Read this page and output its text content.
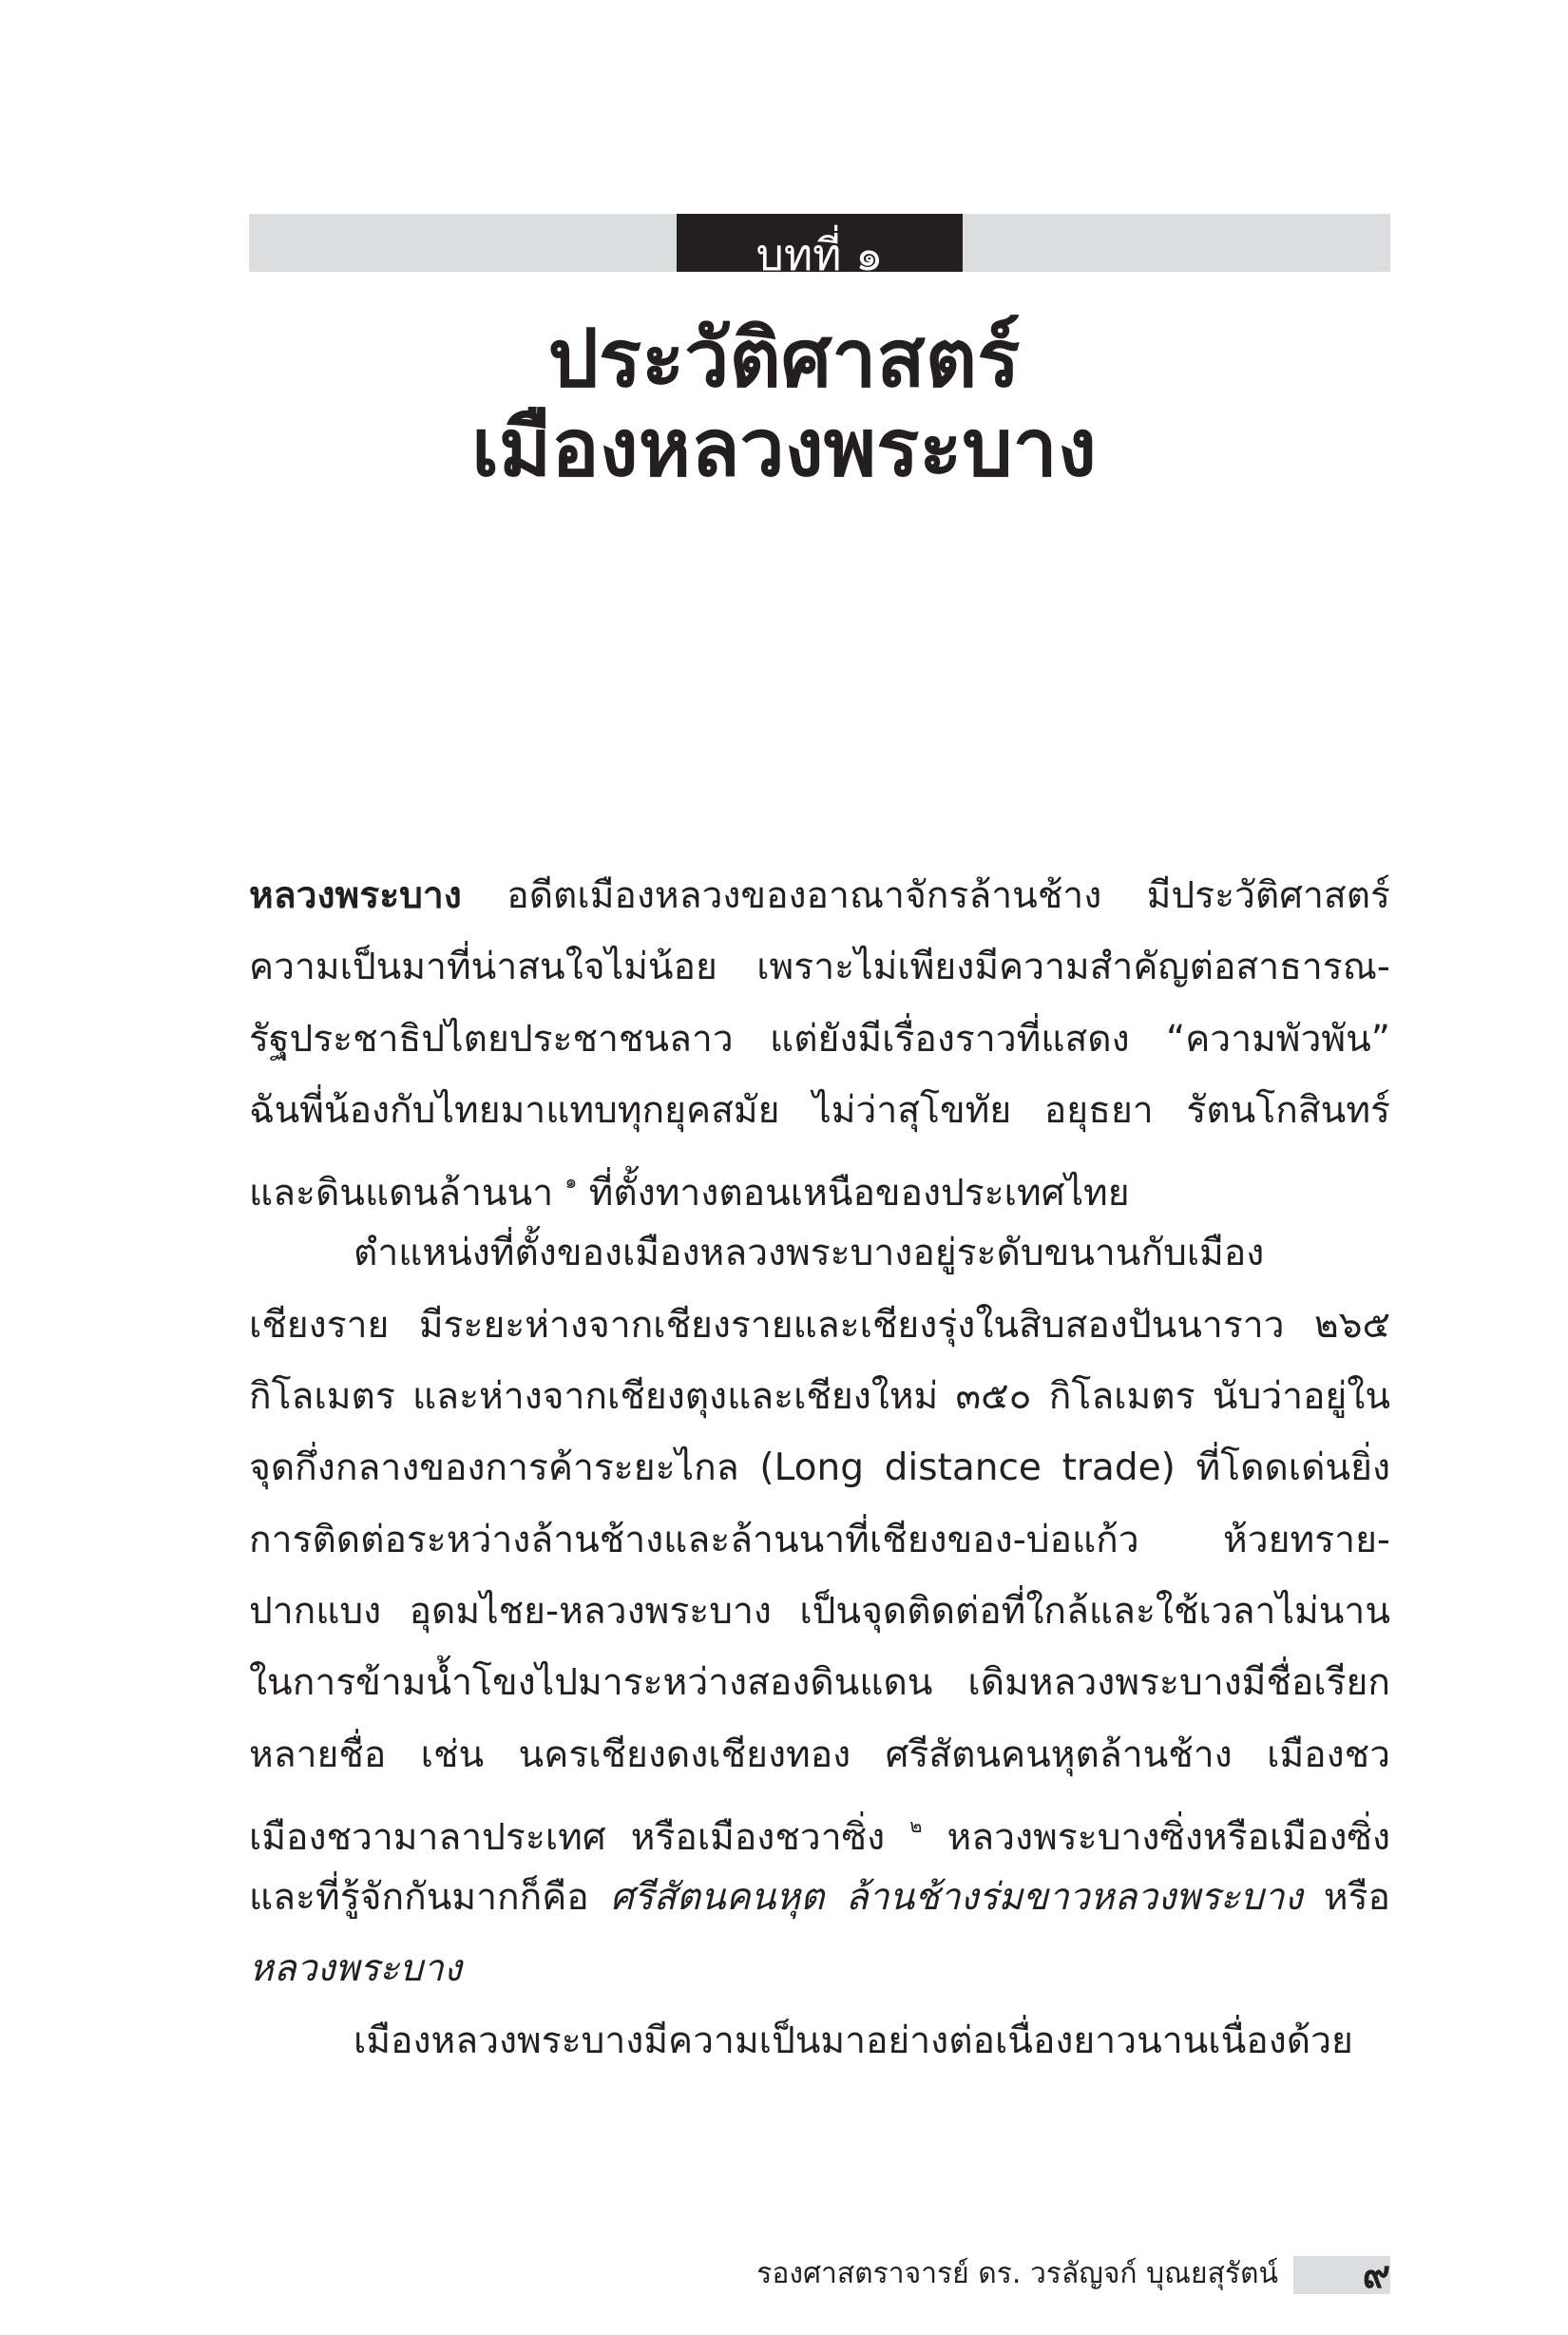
บทที่ ๑
ประวัติศาสตร์
เมืองหลวงพระบาง
หลวงพระบาง อดีตเมืองหลวงของอาณาจักรล้านช้าง มีประวัติศาสตร์
ความเป็นมาที่น่าสนใจไม่น้อย เพราะไม่เพียงมีความสำคัญต่อสาธารณ-
รัฐประชาธิปไตยประชาชนลาว แต่ยังมีเรื่องราวที่แสดง “ความพัวพัน”
ฉันพี่น้องกับไทยมาแทบทุกยุคสมัย ไม่ว่าสุโขทัย อยุธยา รัตนโกสินทร์
และดินแดนล้านนา $^๑$ ที่ตั้งทางตอนเหนือของประเทศไทย
ตำแหน่งที่ตั้งของเมืองหลวงพระบางอยู่ระดับขนานกับเมือง
เชียงราย มีระยะห่างจากเชียงรายและเชียงรุ่งในสิบสองปันนาราว ๒๖๕
กิโลเมตร และห่างจากเชียงตุงและเชียงใหม่ ๓๕๐ กิโลเมตร นับว่าอยู่ใน
จุดกึ่งกลางของการค้าระยะไกล (Long distance trade) ที่โดดเด่นยิ่ง
การติดต่อระหว่างล้านช้างและล้านนาที่เชียงของ-บ่อแก้ว ห้วยทราย-
ปากแบง อุดมไชย-หลวงพระบาง เป็นจุดติดต่อที่ใกล้และใช้เวลาไม่นาน
ในการข้ามน้ำโขงไปมาระหว่างสองดินแดน เดิมหลวงพระบางมีชื่อเรียก
หลายชื่อ เช่น นครเชียงดงเชียงทอง ศรีสัตนคนหุตล้านช้าง เมืองชว
เมืองชวามาลาประเทศ หรือเมืองชวาซิ่ง $^๒$ หลวงพระบางซิ่งหรือเมืองซิ่ง
และที่รู้จักกันมากก็คือ ศรีสัตนคนหุต ล้านช้างร่มขาวหลวงพระบาง หรือ
หลวงพระบาง
เมืองหลวงพระบางมีความเป็นมาอย่างต่อเนื่องยาวนานเนื่องด้วย
รองศาสตราจารย์ ดร. วรลัญจก์ บุณยสุรัตน์ ๙
